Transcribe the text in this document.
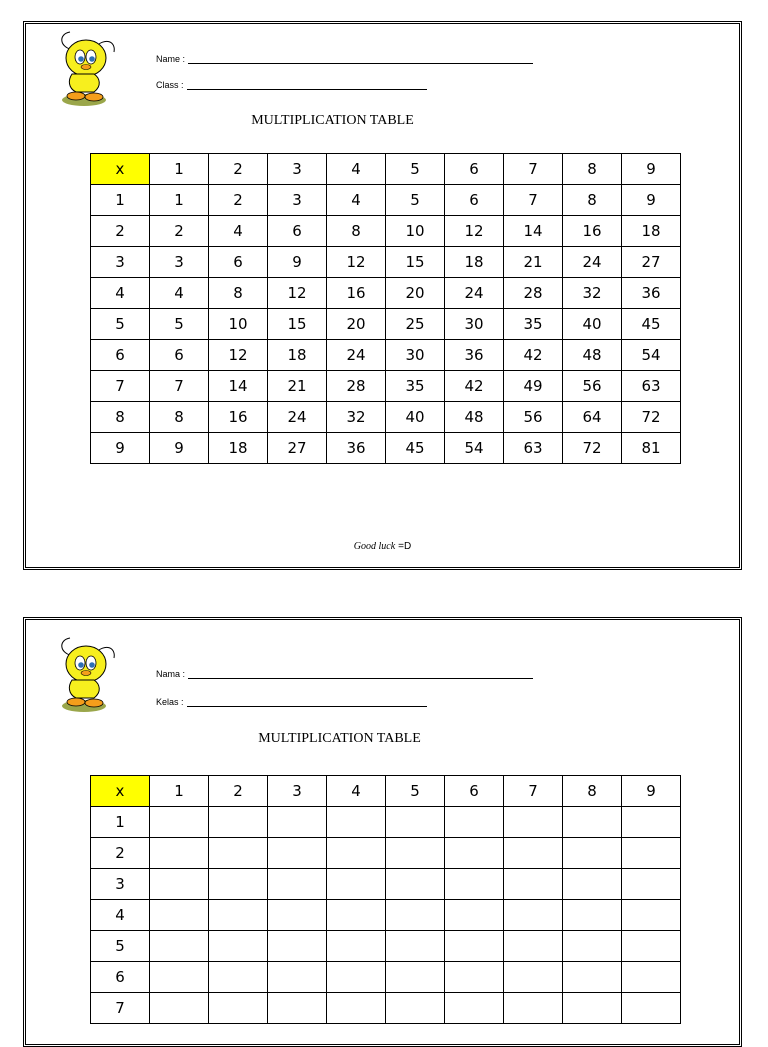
Name :
Class :
MULTIPLICATION TABLE
x	1	2	3	4	5	6	7	8	9
1	1	2	3	4	5	6	7	8	9
2	2	4	6	8	10	12	14	16	18
3	3	6	9	12	15	18	21	24	27
4	4	8	12	16	20	24	28	32	36
5	5	10	15	20	25	30	35	40	45
6	6	12	18	24	30	36	42	48	54
7	7	14	21	28	35	42	49	56	63
8	8	16	24	32	40	48	56	64	72
9	9	18	27	36	45	54	63	72	81
Good luck =D
Nama :
Kelas :
MULTIPLICATION TABLE
x	1	2	3	4	5	6	7	8	9
1									
2									
3									
4									
5									
6									
7									
